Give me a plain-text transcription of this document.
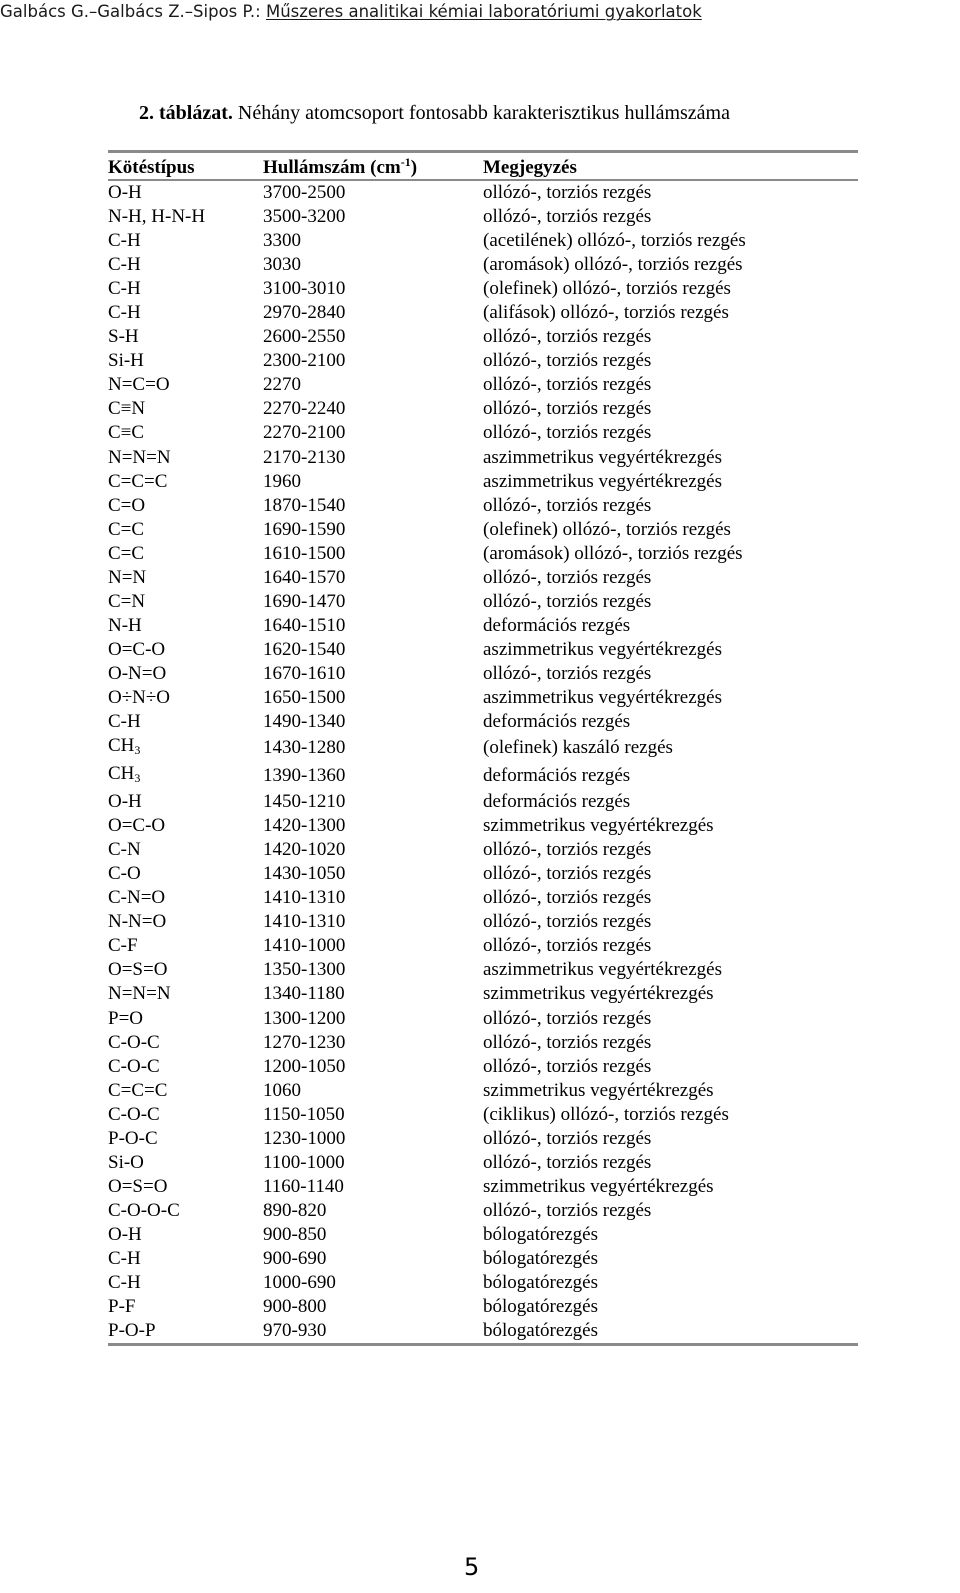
Galbács G.–Galbács Z.–Sipos P.: Műszeres analitikai kémiai laboratóriumi gyakorlatok
2. táblázat. Néhány atomcsoport fontosabb karakterisztikus hullámszáma
Kötéstípus	Hullámszám $(cm^{-1})$	Megjegyzés
O-H	3700-2500	ollózó-, torziós rezgés
N-H, H-N-H	3500-3200	ollózó-, torziós rezgés
C-H	3300	(acetilének) ollózó-, torziós rezgés
C-H	3030	(aromások) ollózó-, torziós rezgés
C-H	3100-3010	(olefinek) ollózó-, torziós rezgés
C-H	2970-2840	(alifások) ollózó-, torziós rezgés
S-H	2600-2550	ollózó-, torziós rezgés
Si-H	2300-2100	ollózó-, torziós rezgés
N=C=O	2270	ollózó-, torziós rezgés
C≡N	2270-2240	ollózó-, torziós rezgés
C≡C	2270-2100	ollózó-, torziós rezgés
N=N=N	2170-2130	aszimmetrikus vegyértékrezgés
C=C=C	1960	aszimmetrikus vegyértékrezgés
C=O	1870-1540	ollózó-, torziós rezgés
C=C	1690-1590	(olefinek) ollózó-, torziós rezgés
C=C	1610-1500	(aromások) ollózó-, torziós rezgés
N=N	1640-1570	ollózó-, torziós rezgés
C=N	1690-1470	ollózó-, torziós rezgés
N-H	1640-1510	deformációs rezgés
O=C-O	1620-1540	aszimmetrikus vegyértékrezgés
O-N=O	1670-1610	ollózó-, torziós rezgés
O÷N÷O	1650-1500	aszimmetrikus vegyértékrezgés
C-H	1490-1340	deformációs rezgés
$CH_3$	1430-1280	(olefinek) kaszáló rezgés
$CH_3$	1390-1360	deformációs rezgés
O-H	1450-1210	deformációs rezgés
O=C-O	1420-1300	szimmetrikus vegyértékrezgés
C-N	1420-1020	ollózó-, torziós rezgés
C-O	1430-1050	ollózó-, torziós rezgés
C-N=O	1410-1310	ollózó-, torziós rezgés
N-N=O	1410-1310	ollózó-, torziós rezgés
C-F	1410-1000	ollózó-, torziós rezgés
O=S=O	1350-1300	aszimmetrikus vegyértékrezgés
N=N=N	1340-1180	szimmetrikus vegyértékrezgés
P=O	1300-1200	ollózó-, torziós rezgés
C-O-C	1270-1230	ollózó-, torziós rezgés
C-O-C	1200-1050	ollózó-, torziós rezgés
C=C=C	1060	szimmetrikus vegyértékrezgés
C-O-C	1150-1050	(ciklikus) ollózó-, torziós rezgés
P-O-C	1230-1000	ollózó-, torziós rezgés
Si-O	1100-1000	ollózó-, torziós rezgés
O=S=O	1160-1140	szimmetrikus vegyértékrezgés
C-O-O-C	890-820	ollózó-, torziós rezgés
O-H	900-850	bólogatórezgés
C-H	900-690	bólogatórezgés
C-H	1000-690	bólogatórezgés
P-F	900-800	bólogatórezgés
P-O-P	970-930	bólogatórezgés
5
